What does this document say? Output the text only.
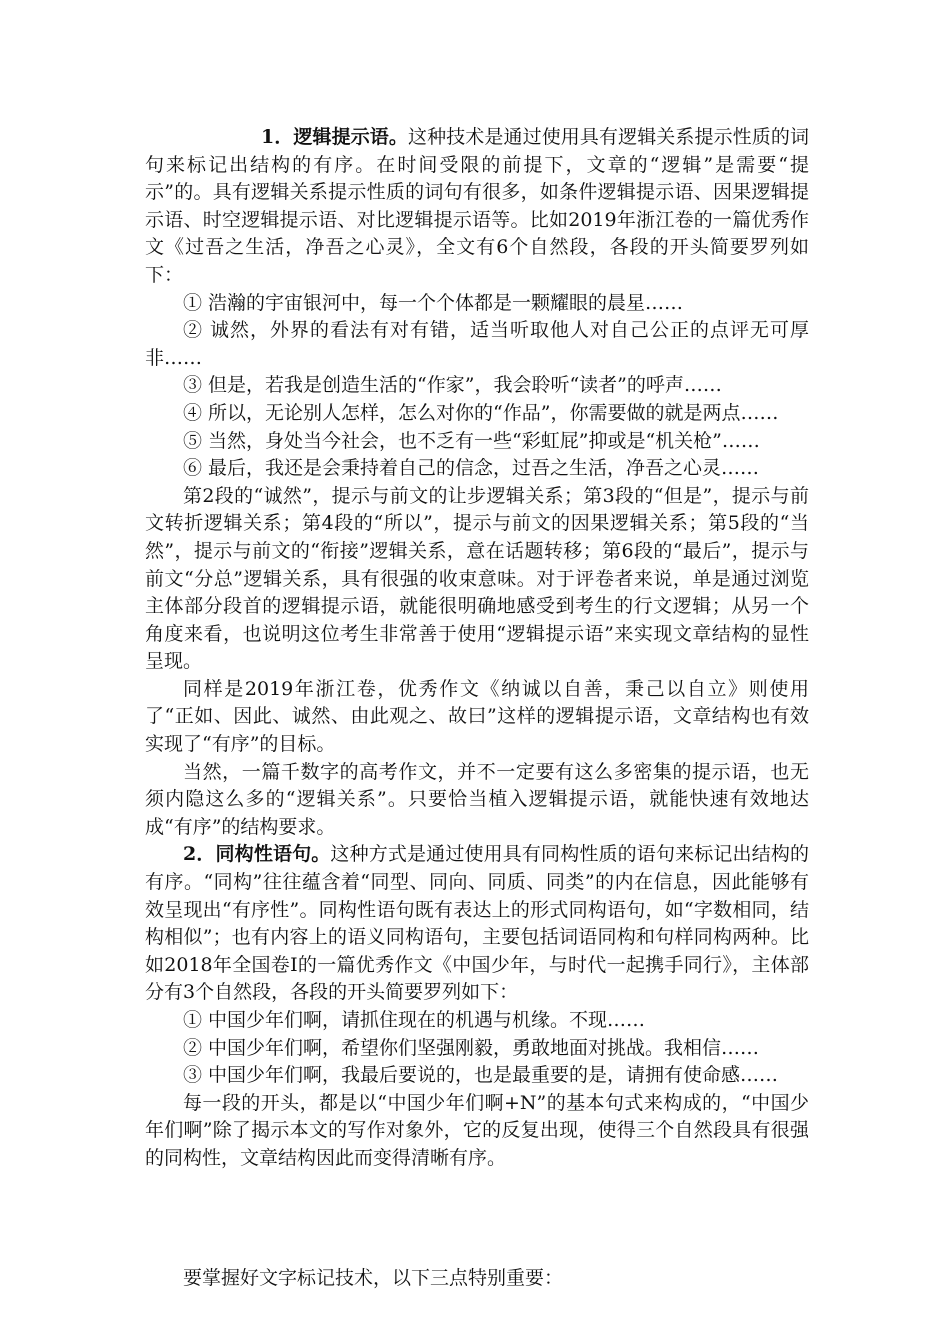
1．逻辑提示语。这种技术是通过使用具有逻辑关系提示性质的词句来标记出结构的有序。在时间受限的前提下，文章的“逻辑”是需要“提示”的。具有逻辑关系提示性质的词句有很多，如条件逻辑提示语、因果逻辑提示语、时空逻辑提示语、对比逻辑提示语等。比如2019年浙江卷的一篇优秀作文《过吾之生活，净吾之心灵》，全文有6个自然段，各段的开头简要罗列如下：

① 浩瀚的宇宙银河中，每一个个体都是一颗耀眼的晨星……

② 诚然，外界的看法有对有错，适当听取他人对自己公正的点评无可厚非……

③ 但是，若我是创造生活的“作家”，我会聆听“读者”的呼声……

④ 所以，无论别人怎样，怎么对你的“作品”，你需要做的就是两点……

⑤ 当然，身处当今社会，也不乏有一些“彩虹屁”抑或是“机关枪”……

⑥ 最后，我还是会秉持着自己的信念，过吾之生活，净吾之心灵……

第2段的“诚然”，提示与前文的让步逻辑关系；第3段的“但是”，提示与前文转折逻辑关系；第4段的“所以”，提示与前文的因果逻辑关系；第5段的“当然”，提示与前文的“衔接”逻辑关系，意在话题转移；第6段的“最后”，提示与前文“分总”逻辑关系，具有很强的收束意味。对于评卷者来说，单是通过浏览主体部分段首的逻辑提示语，就能很明确地感受到考生的行文逻辑；从另一个角度来看，也说明这位考生非常善于使用“逻辑提示语”来实现文章结构的显性呈现。

同样是2019年浙江卷，优秀作文《纳诚以自善，秉己以自立》则使用了“正如、因此、诚然、由此观之、故曰”这样的逻辑提示语，文章结构也有效实现了“有序”的目标。

当然，一篇千数字的高考作文，并不一定要有这么多密集的提示语，也无须内隐这么多的“逻辑关系”。只要恰当植入逻辑提示语，就能快速有效地达成“有序”的结构要求。

2．同构性语句。这种方式是通过使用具有同构性质的语句来标记出结构的有序。“同构”往往蕴含着“同型、同向、同质、同类”的内在信息，因此能够有效呈现出“有序性”。同构性语句既有表达上的形式同构语句，如“字数相同，结构相似”；也有内容上的语义同构语句，主要包括词语同构和句样同构两种。比如2018年全国卷Ⅰ的一篇优秀作文《中国少年，与时代一起携手同行》，主体部分有3个自然段，各段的开头简要罗列如下：

① 中国少年们啊，请抓住现在的机遇与机缘。不现……

② 中国少年们啊，希望你们坚强刚毅，勇敢地面对挑战。我相信……

③ 中国少年们啊，我最后要说的，也是最重要的是，请拥有使命感……

每一段的开头，都是以“中国少年们啊+N”的基本句式来构成的，“中国少年们啊”除了揭示本文的写作对象外，它的反复出现，使得三个自然段具有很强的同构性，文章结构因此而变得清晰有序。

要掌握好文字标记技术，以下三点特别重要：
